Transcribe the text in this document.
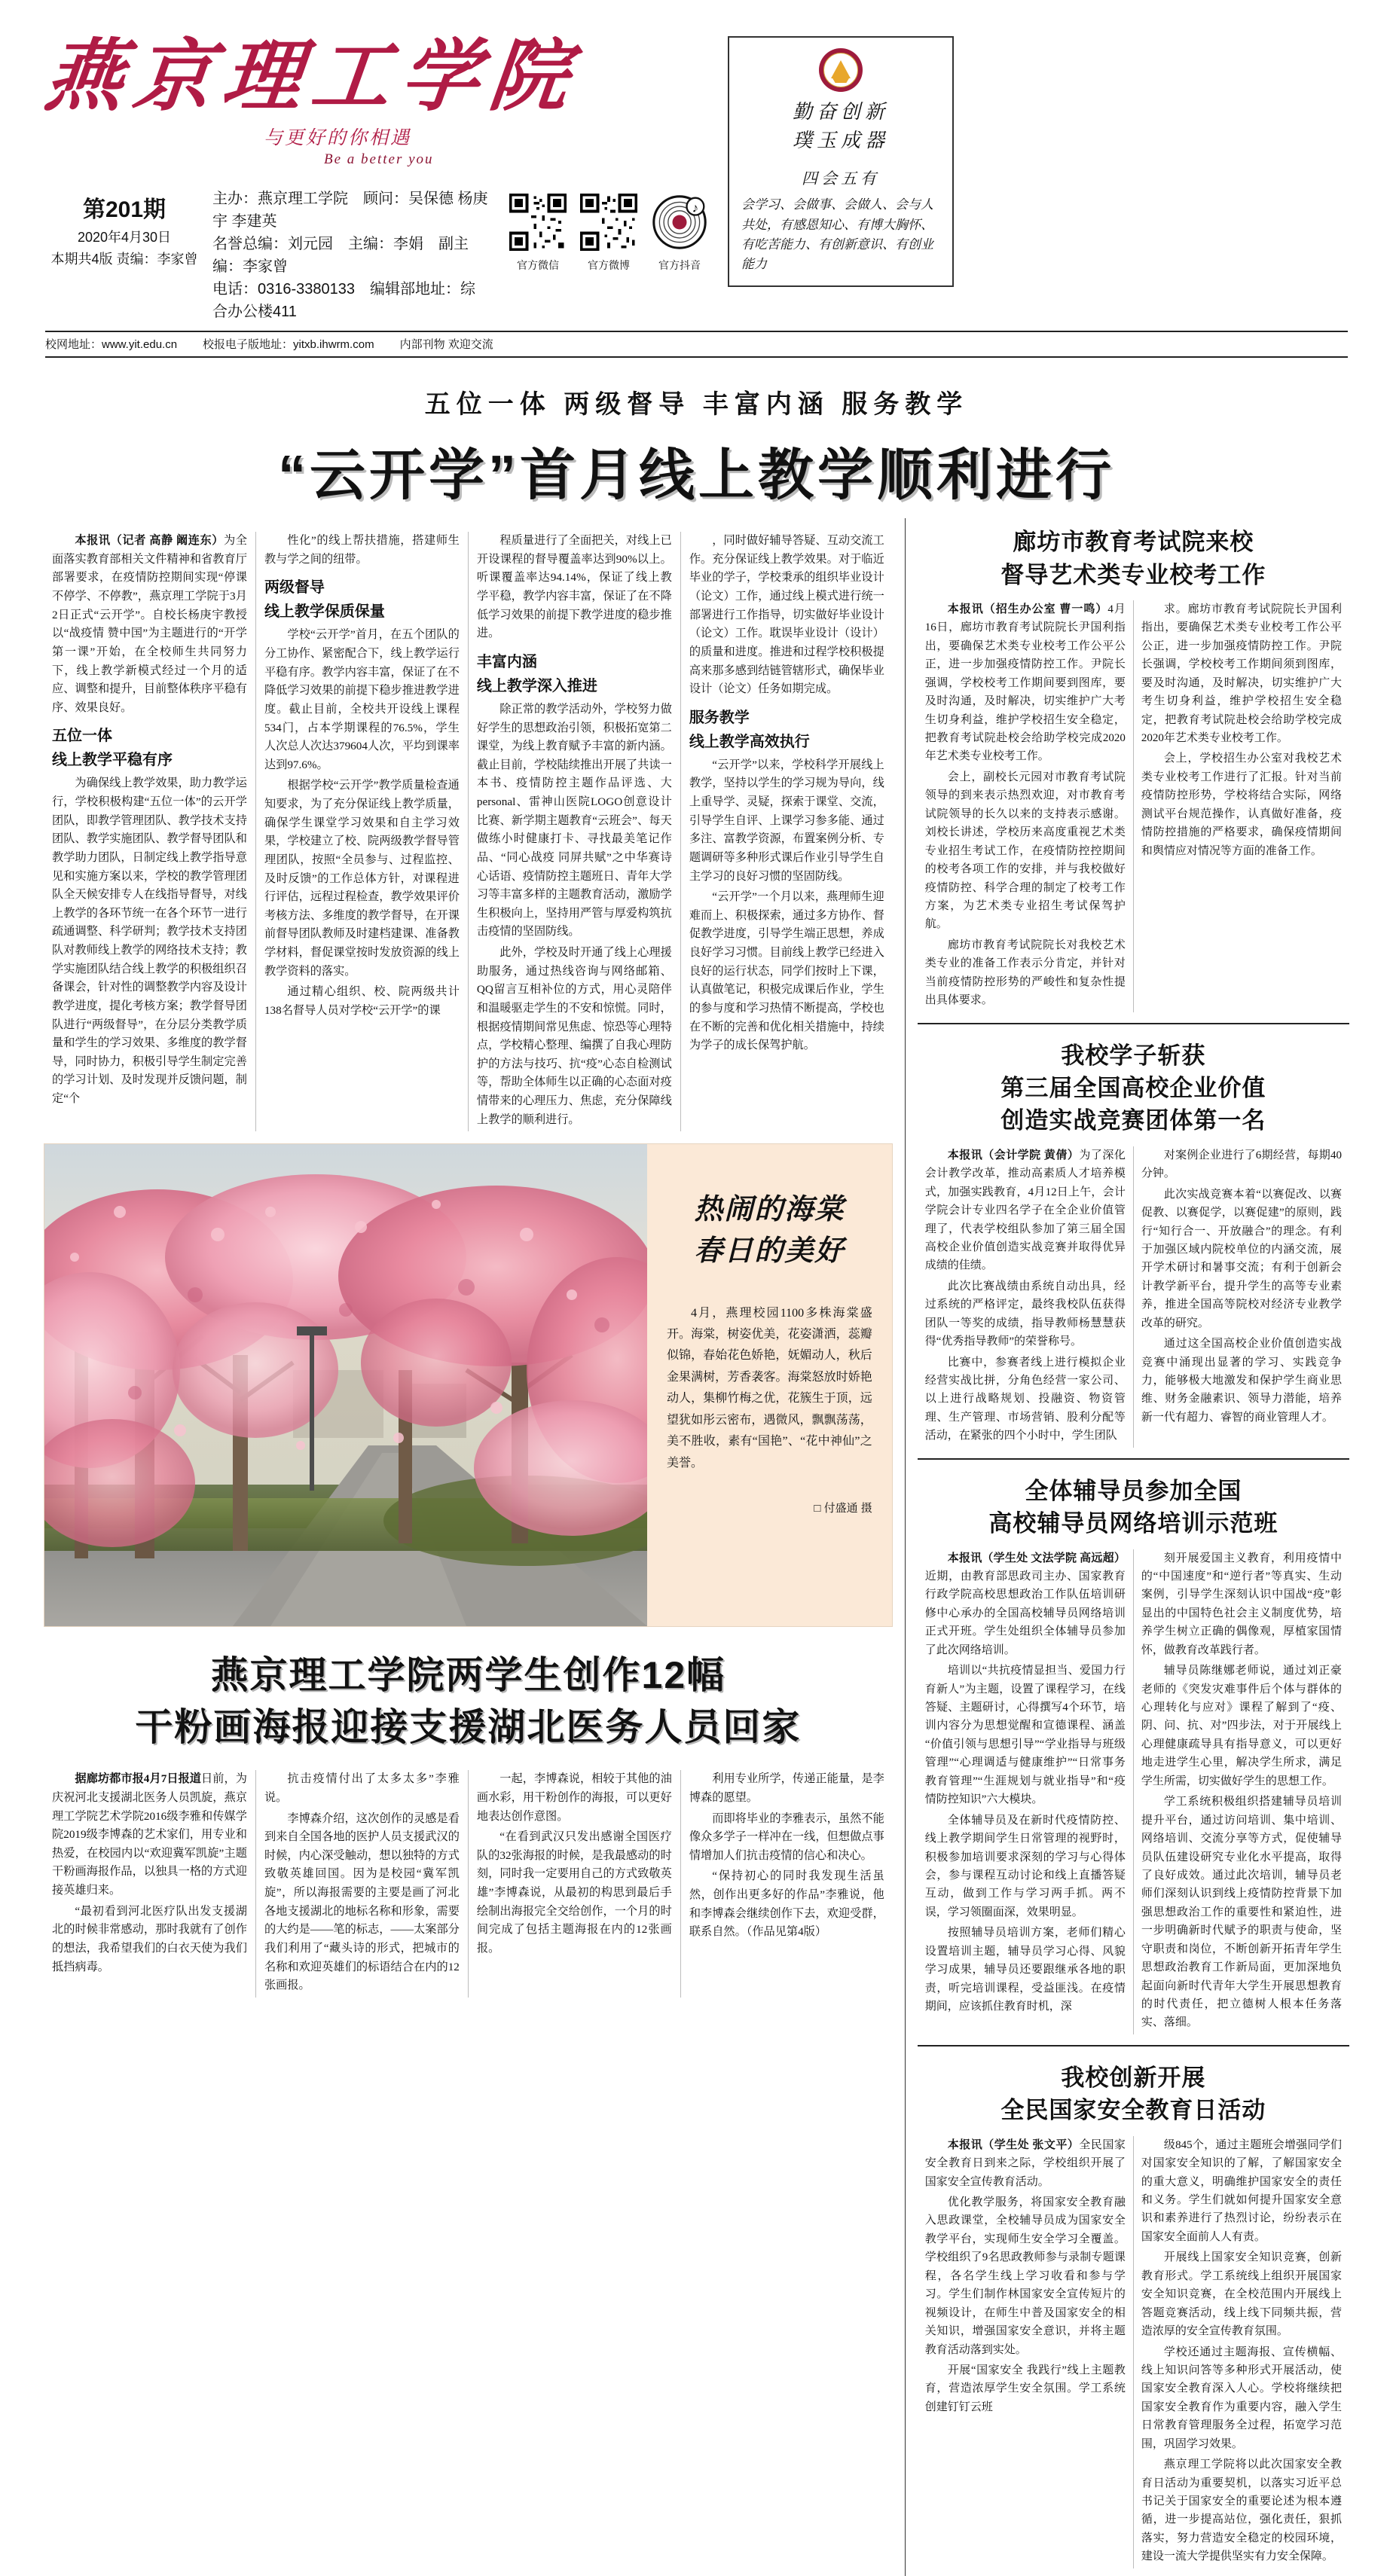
燕京理工学院
与更好的你相遇
Be a better you
第201期
2020年4月30日
本期共4版 责编：李家曾
主办：燕京理工学院　顾问：吴保德 杨庚宇 李建英
名誉总编：刘元园　主编：李娟　副主编：李家曾
电话：0316-3380133　编辑部地址：综合办公楼411
官方微信	官方微博
♪
官方抖音
勤奋创新
璞玉成器
四会五有
会学习、会做事、会做人、会与人共处，有感恩知心、有博大胸怀、有吃苦能力、有创新意识、有创业能力
校网地址：www.yit.edu.cn 校报电子版地址：yitxb.ihwrm.com 内部刊物 欢迎交流
五位一体 两级督导 丰富内涵 服务教学
“云开学”首月线上教学顺利进行

本报讯（记者 高静 阚连东）为全面落实教育部相关文件精神和省教育厅部署要求，在疫情防控期间实现“停课不停学、不停教”，燕京理工学院于3月2日正式“云开学”。自校长杨庚宇教授以“战疫情 赞中国”为主题进行的“开学第一课”开始，在全校师生共同努力下，线上教学新模式经过一个月的适应、调整和提升，目前整体秩序平稳有序、效果良好。

五位一体
线上教学平稳有序

为确保线上教学效果，助力教学运行，学校积极构建“五位一体”的云开学团队，即教学管理团队、教学技术支持团队、教学实施团队、教学督导团队和教学助力团队，日制定线上教学指导意见和实施方案以来，学校的教学管理团队全天候安排专人在线指导督导，对线上教学的各环节统一在各个环节一进行疏通调整、科学研判；教学技术支持团队对教师线上教学的网络技术支持；教学实施团队结合线上教学的积极组织召备课会，针对性的调整教学内容及设计教学进度，提化考核方案；教学督导团队进行“两级督导”，在分层分类教学质量和学生的学习效果、多维度的教学督导，同时协力，积极引导学生制定完善的学习计划、及时发现并反馈问题，制定“个

性化”的线上帮扶措施，搭建师生教与学之间的纽带。

两级督导
线上教学保质保量

学校“云开学”首月，在五个团队的分工协作、紧密配合下，线上教学运行平稳有序。教学内容丰富，保证了在不降低学习效果的前提下稳步推进教学进度。截止目前，全校共开设线上课程534门，占本学期课程的76.5%，学生人次总人次达379604人次，平均到课率达到97.6%。

根据学校“云开学”教学质量检查通知要求，为了充分保证线上教学质量，确保学生课堂学习效果和自主学习效果，学校建立了校、院两级教学督导管理团队，按照“全员参与、过程监控、及时反馈”的工作总体方针，对课程进行评估，远程过程检查，教学效果评价考核方法、多维度的教学督导，在开课前督导团队教师及时建档建课、准备教学材料，督促课堂按时发放资源的线上教学资料的落实。

通过精心组织、校、院两级共计138名督导人员对学校“云开学”的课

程质量进行了全面把关，对线上已开设课程的督导覆盖率达到90%以上。听课覆盖率达94.14%，保证了线上教学平稳，教学内容丰富，保证了在不降低学习效果的前提下教学进度的稳步推进。

丰富内涵
线上教学深入推进

除正常的教学活动外，学校努力做好学生的思想政治引领，积极拓宽第二课堂，为线上教育赋予丰富的新内涵。截止目前，学校陆续推出开展了共读一本书、疫情防控主题作品评选、大personal、雷神山医院LOGO创意设计比赛、新学期主题教育“云班会”、每天做练小时健康打卡、寻找最美笔记作品、“同心战疫 同屏共赋”之中华赛诗心话语、疫情防控主题班日、青年大学习等丰富多样的主题教育活动，激励学生积极向上，坚持用严管与厚爱构筑抗击疫情的坚固防线。

此外，学校及时开通了线上心理援助服务，通过热线咨询与网络邮箱、QQ留言互相补位的方式，用心灵陪伴和温暖驱走学生的不安和惊慌。同时，根据疫情期间常见焦虑、惊恐等心理特点，学校精心整理、编撰了自我心理防护的方法与技巧、抗“疫”心态自检测试等，帮助全体师生以正确的心态面对疫情带来的心理压力、焦虑，充分保障线上教学的顺利进行。

，同时做好辅导答疑、互动交流工作。充分保证线上教学效果。对于临近毕业的学子，学校秉承的组织毕业设计（论文）工作，通过线上模式进行统一部署进行工作指导，切实做好毕业设计（论文）工作。耽误毕业设计（设计）的质量和进度。推进和过程学校积极提高来那多感到结链管辖形式，确保毕业设计（论文）任务如期完成。

服务教学
线上教学高效执行

“云开学”以来，学校科学开展线上教学，坚持以学生的学习规为导向，线上重导学、灵疑，探索于课堂、交流，引导学生自评、上课学习参多能、通过多注、富教学资源，布置案例分析、专题调研等多种形式课后作业引导学生自主学习的良好习惯的坚固防线。

“云开学”一个月以来，燕理师生迎难而上、积极探索，通过多方协作、督促教学进度，引导学生端正思想，养成良好学习习惯。目前线上教学已经进入良好的运行状态，同学们按时上下课，认真做笔记，积极完成课后作业，学生的参与度和学习热情不断提高，学校也在不断的完善和优化相关措施中，持续为学子的成长保驾护航。

热闹的海棠
春日的美好
4月，燕理校园1100多株海棠盛开。海棠，树姿优美，花姿潇洒，蕊瓣似锦，春始花色娇艳，妩媚动人，秋后金果满树，芳香袭客。海棠怒放时娇艳动人，集柳竹梅之优，花簇生于顶，远望犹如彤云密布，遇微风，飘飘荡荡，美不胜收，素有“国艳”、“花中神仙”之美誉。
□ 付盛通 摄
燕京理工学院两学生创作12幅
干粉画海报迎接支援湖北医务人员回家

据廊坊都市报4月7日报道日前，为庆祝河北支援湖北医务人员凯旋，燕京理工学院艺术学院2016级李雅和传媒学院2019级李博森的艺术家们，用专业和热爱，在校园内以“欢迎冀军凯旋”主题干粉画海报作品，以独具一格的方式迎接英雄归来。

“最初看到河北医疗队出发支援湖北的时候非常感动，那时我就有了创作的想法，我希望我们的白衣天使为我们抵挡病毒。

抗击疫情付出了太多太多”李雅说。

李博森介绍，这次创作的灵感是看到来自全国各地的医护人员支援武汉的时候，内心深受触动，想以独特的方式致敬英雄回国。因为是校园“冀军凯旋”，所以海报需要的主要是画了河北各地支援湖北的地标名称和形象，需要的大约是——笔的标志，——太案部分我们利用了“藏头诗的形式，把城市的名称和欢迎英雄们的标语结合在内的12张画报。

一起，李博森说，相较于其他的油画水彩，用干粉创作的海报，可以更好地表达创作意图。

“在看到武汉只发出感谢全国医疗队的32张海报的时候，是我最感动的时刻，同时我一定要用自己的方式致敬英雄”李博森说，从最初的构思到最后手绘制出海报完全交给创作，一个月的时间完成了包括主题海报在内的12张画报。

利用专业所学，传递正能量，是李博森的愿望。

而即将毕业的李雅表示，虽然不能像众多学子一样冲在一线，但想做点事情增加人们抗击疫情的信心和决心。

“保持初心的同时我发现生活虽然，创作出更多好的作品”李雅说，他和李博森会继续创作下去，欢迎受群，联系自然。（作品见第4版）

廊坊市教育考试院来校
督导艺术类专业校考工作

本报讯（招生办公室 曹一鸣）4月16日，廊坊市教育考试院院长尹国利指出，要确保艺术类专业校考工作公平公正，进一步加强疫情防控工作。尹院长强调，学校校考工作期间要到图库，要及时沟通，及时解决，切实维护广大考生切身利益，维护学校招生安全稳定，把教育考试院赴校会给助学校完成2020年艺术类专业校考工作。

会上，副校长元园对市教育考试院领导的到来表示热烈欢迎，对市教育考试院领导的长久以来的支持表示感谢。刘校长讲述，学校历来高度重视艺术类专业招生考试工作，在疫情防控控期间的校考各项工作的安排，并与我校做好疫情防控、科学合理的制定了校考工作方案，为艺术类专业招生考试保驾护航。

廊坊市教育考试院院长对我校艺术类专业的准备工作表示分肯定，并针对当前疫情防控形势的严峻性和复杂性提出具体要求。

求。廊坊市教育考试院院长尹国利指出，要确保艺术类专业校考工作公平公正，进一步加强疫情防控工作。尹院长强调，学校校考工作期间须到图库，要及时沟通，及时解决，切实维护广大考生切身利益，维护学校招生安全稳定，把教育考试院赴校会给助学校完成2020年艺术类专业校考工作。

会上，学校招生办公室对我校艺术类专业校考工作进行了汇报。针对当前疫情防控形势，学校将结合实际，网络测试平台规范操作，认真做好准备，疫情防控措施的严格要求，确保疫情期间和舆情应对情况等方面的准备工作。

我校学子斩获
第三届全国高校企业价值
创造实战竞赛团体第一名

本报讯（会计学院 黄倩）为了深化会计教学改革，推动高素质人才培养模式，加强实践教育，4月12日上午，会计学院会计专业四名学子在全企业价值管理了，代表学校组队参加了第三届全国高校企业价值创造实战竞赛并取得优异成绩的佳绩。

此次比赛战绩由系统自动出具，经过系统的严格评定，最终我校队伍获得团队一等奖的成绩，指导教师杨慧慧获得“优秀指导教师”的荣誉称号。

比赛中，参赛者线上进行模拟企业经营实战比拼，分角色经营一家公司、以上进行战略规划、投融资、物资管理、生产管理、市场营销、股利分配等活动，在紧张的四个小时中，学生团队

对案例企业进行了6期经营，每期40分钟。

此次实战竞赛本着“以赛促改、以赛促教、以赛促学，以赛促建”的原则，践行“知行合一、开放融合”的理念。有利于加强区域内院校单位的内涵交流，展开学术研讨和暑事交流；有利于创新会计教学新平台，提升学生的高等专业素养，推进全国高等院校对经济专业教学改革的研究。

通过这全国高校企业价值创造实战竞赛中涌现出显著的学习、实践竞争力，能够极大地激发和保护学生商业思维、财务金融素识、领导力潜能，培养新一代有超力、睿智的商业管理人才。

全体辅导员参加全国
高校辅导员网络培训示范班

本报讯（学生处 文法学院 高远超）近期，由教育部思政司主办、国家教育行政学院高校思想政治工作队伍培训研修中心承办的全国高校辅导员网络培训正式开班。学生处组织全体辅导员参加了此次网络培训。

培训以“共抗疫情显担当、爱国力行育新人”为主题，设置了课程学习，在线答疑、主题研讨，心得撰写4个环节，培训内容分为思想觉醒和宣德课程、涵盖“价值引领与思想引导”“学业指导与班级管理”“心理调适与健康维护”“日常事务教育管理”“生涯规划与就业指导”和“疫情防控知识”六大模块。

全体辅导员及在新时代疫情防控、线上教学期间学生日常管理的视野时，积极参加培训要求深刻的学习与心得体会，参与课程互动讨论和线上直播答疑互动，做到工作与学习两手抓。两不误，学习领圈面深，效果明显。

按照辅导员培训方案，老师们精心设置培训主题，辅导员学习心得、风貌学习成果，辅导员还要跟继承各地的职责，听完培训课程，受益匪浅。在疫情期间，应该抓住教育时机，深

刻开展爱国主义教育，利用疫情中的“中国速度”和“逆行者”等真实、生动案例，引导学生深刻认识中国战“疫”彰显出的中国特色社会主义制度优势，培养学生树立正确的偶像观，厚植家国情怀，做教育改革践行者。

辅导员陈继娜老师说，通过刘正豪老师的《突发灾难事件后个体与群体的心理转化与应对》课程了解到了“疫、阴、问、抗、对”四步法，对于开展线上心理健康疏导具有指导意义，可以更好地走进学生心里，解决学生所求，满足学生所需，切实做好学生的思想工作。

学工系统积极组织搭建辅导员培训提升平台，通过访问培训、集中培训、网络培训、交流分享等方式，促使辅导员队伍建设研究专业化水平提高，取得了良好成效。通过此次培训，辅导员老师们深刻认识到线上疫情防控背景下加强思想政治工作的重要性和紧迫性，进一步明确新时代赋予的职责与使命，坚守职责和岗位，不断创新开拓青年学生思想政治教育工作新局面，更加深地负起面向新时代青年大学生开展思想教育的时代责任，把立德树人根本任务落实、落细。

我校创新开展
全民国家安全教育日活动

本报讯（学生处 张文平）全民国家安全教育日到来之际，学校组织开展了国家安全宣传教育活动。

优化教学服务，将国家安全教育融入思政课堂，全校辅导员成为国家安全教学平台，实现师生安全学习全覆盖。学校组织了9名思政教师参与录制专题课程，各名学生线上学习收看和参与学习。学生们制作林国家安全宣传短片的视频设计，在师生中普及国家安全的相关知识，增强国家安全意识，并将主题教育活动落到实处。

开展“国家安全 我践行”线上主题教育，营造浓厚学生安全氛围。学工系统创建钉钉云班

级845个，通过主题班会增强同学们对国家安全知识的了解，了解国家安全的重大意义，明确维护国家安全的责任和义务。学生们就如何提升国家安全意识和素养进行了热烈讨论，纷纷表示在国家安全面前人人有责。

开展线上国家安全知识竞赛，创新教育形式。学工系统线上组织开展国家安全知识竞赛，在全校范围内开展线上答题竞赛活动，线上线下同频共振，营造浓厚的安全宣传教育氛围。

学校还通过主题海报、宣传横幅、线上知识问答等多种形式开展活动，使国家安全教育深入人心。学校将继续把国家安全教育作为重要内容，融入学生日常教育管理服务全过程，拓宽学习范围，巩固学习效果。

燕京理工学院将以此次国家安全教育日活动为重要契机，以落实习近平总书记关于国家安全的重要论述为根本遵循，进一步提高站位，强化责任，狠抓落实，努力营造安全稳定的校园环境，建设一流大学提供坚实有力安全保障。
